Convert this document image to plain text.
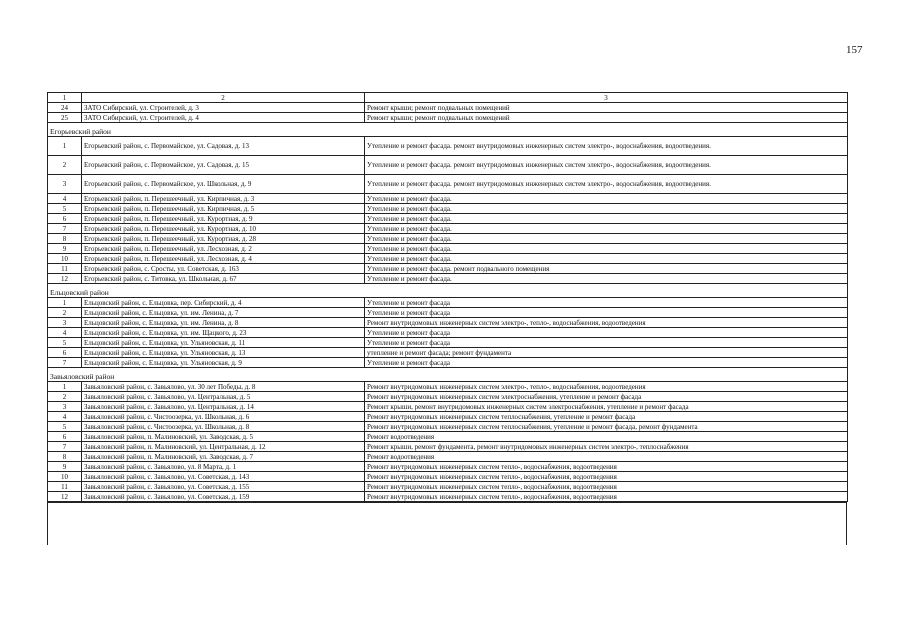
157
1	2	3
24	ЗАТО Сибирский, ул. Строителей, д. 3	Ремонт крыши; ремонт подвальных помещений
25	ЗАТО Сибирский, ул. Строителей, д. 4	Ремонт крыши; ремонт подвальных помещений
Егорьевский район		
1	Егорьевский район, с. Первомайское, ул. Садовая, д. 13	Утепление и ремонт фасада. ремонт внутридомовых инженерных систем электро-, водоснабжения, водоотведения.
2	Егорьевский район, с. Первомайское, ул. Садовая, д. 15	Утепление и ремонт фасада. ремонт внутридомовых инженерных систем электро-, водоснабжения, водоотведения.
3	Егорьевский район, с. Первомайское, ул. Школьная, д. 9	Утепление и ремонт фасада. ремонт внутридомовых инженерных систем электро-, водоснабжения, водоотведения.
4	Егорьевский район, п. Перешеечный, ул. Кирпичная, д. 3	Утепление и ремонт фасада.
5	Егорьевский район, п. Перешеечный, ул. Кирпичная, д. 5	Утепление и ремонт фасада.
6	Егорьевский район, п. Перешеечный, ул. Курортная, д. 9	Утепление и ремонт фасада.
7	Егорьевский район, п. Перешеечный, ул. Курортная, д. 10	Утепление и ремонт фасада.
8	Егорьевский район, п. Перешеечный, ул. Курортная, д. 28	Утепление и ремонт фасада.
9	Егорьевский район, п. Перешеечный, ул. Лесхозная, д. 2	Утепление и ремонт фасада.
10	Егорьевский район, п. Перешеечный, ул. Лесхозная, д. 4	Утепление и ремонт фасада.
11	Егорьевский район, с. Сросты, ул. Советская, д. 163	Утепление и ремонт фасада. ремонт подвального помещения
12	Егорьевский район, с. Титовка, ул. Школьная, д. 67	Утепление и ремонт фасада.
Ельцовский район		
1	Ельцовский район, с. Ельцовка, пер. Сибирский, д. 4	Утепление и ремонт фасада
2	Ельцовский район, с. Ельцовка, ул. им. Ленина, д. 7	Утепление и ремонт фасада
3	Ельцовский район, с. Ельцовка, ул. им. Ленина, д. 8	Ремонт внутридомовых инженерных систем электро-, тепло-, водоснабжения, водоотведения
4	Ельцовский район, с. Ельцовка, ул. им. Щацкого, д. 23	Утепление и ремонт фасада
5	Ельцовский район, с. Ельцовка, ул. Ульяновская, д. 11	Утепление и ремонт фасада
6	Ельцовский район, с. Ельцовка, ул. Ульяновская, д. 13	утепление и ремонт фасада; ремонт фундамента
7	Ельцовский район, с. Ельцовка, ул. Ульяновская, д. 9	Утепление и ремонт фасада
Завьяловский район		
1	Завьяловский район, с. Завьялово, ул. 30 лет Победы, д. 8	Ремонт внутридомовых инженерных систем электро-, тепло-, водоснабжения, водоотведения
2	Завьяловский район, с. Завьялово, ул. Центральная, д. 5	Ремонт внутридомовых инженерных систем электроснабжения, утепление и ремонт фасада
3	Завьяловский район, с. Завьялово, ул. Центральная, д. 14	Ремонт крыши, ремонт внутридомовых инженерных систем электроснабжения, утепление и ремонт фасада
4	Завьяловский район, с. Чистоозерка, ул. Школьная, д. 6	Ремонт внутридомовых инженерных систем теплоснабжения, утепление и ремонт фасада
5	Завьяловский район, с. Чистоозерка, ул. Школьная, д. 8	Ремонт внутридомовых инженерных систем теплоснабжения, утепление и ремонт фасада, ремонт фундамента
6	Завьяловский район, п. Малиновский, ул. Заводская, д. 5	Ремонт водоотведения
7	Завьяловский район, п. Малиновский, ул. Центральная, д. 12	Ремонт крыши, ремонт фундамента, ремонт внутридомовых инженерных систем электро-, теплоснабжения
8	Завьяловский район, п. Малиновский, ул. Заводская, д. 7	Ремонт водоотведения
9	Завьяловский район, с. Завьялово, ул. 8 Марта, д. 1	Ремонт внутридомовых инженерных систем тепло-, водоснабжения, водоотведения
10	Завьяловский район, с. Завьялово, ул. Советская, д. 143	Ремонт внутридомовых инженерных систем тепло-, водоснабжения, водоотведения
11	Завьяловский район, с. Завьялово, ул. Советская, д. 155	Ремонт внутридомовых инженерных систем тепло-, водоснабжения, водоотведения
12	Завьяловский район, с. Завьялово, ул. Советская, д. 159	Ремонт внутридомовых инженерных систем тепло-, водоснабжения, водоотведения
